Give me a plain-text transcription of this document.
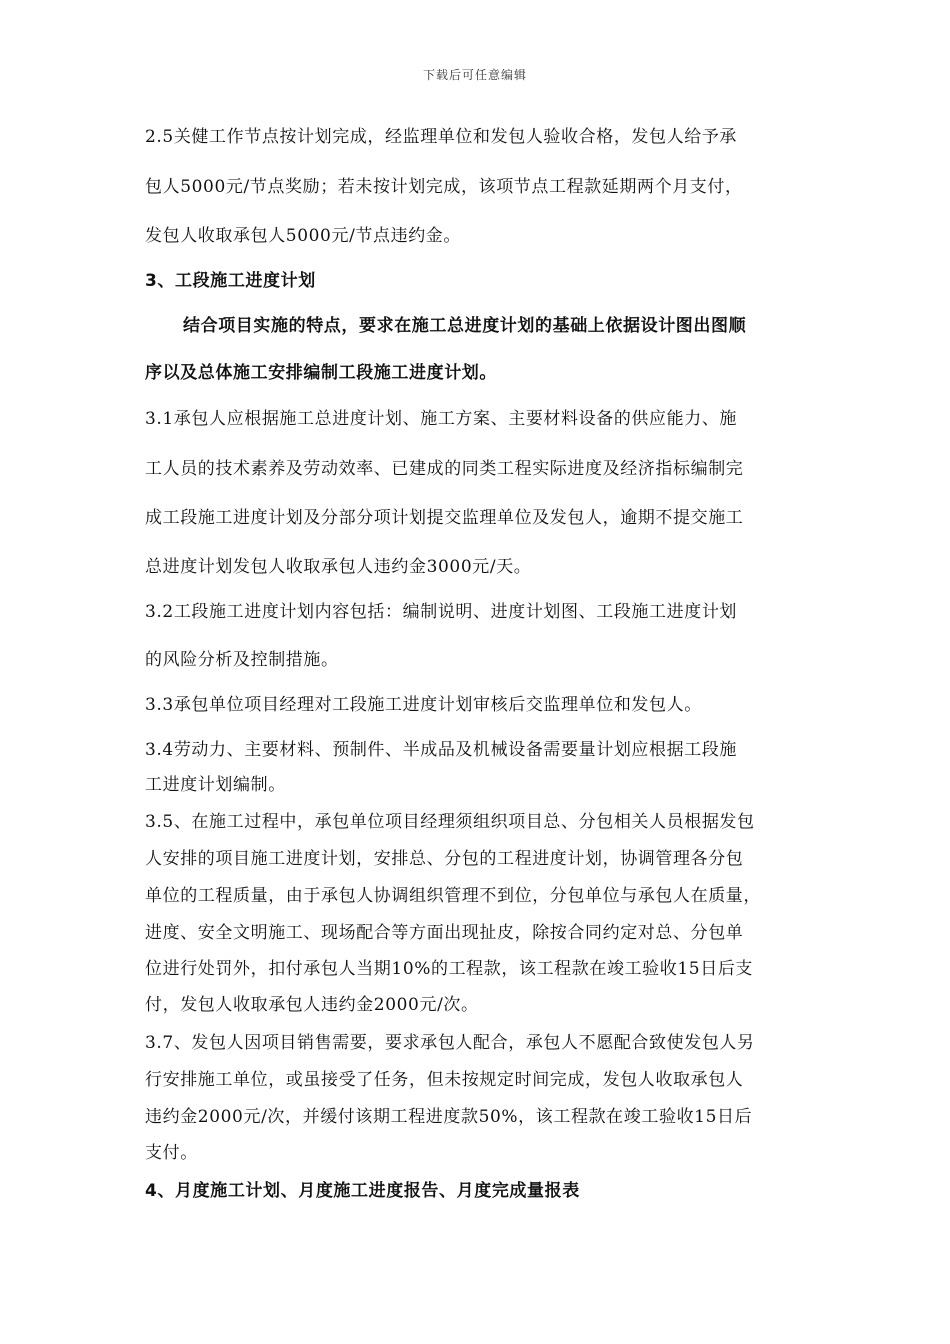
下载后可任意编辑
2.5关健工作节点按计划完成，经监理单位和发包人验收合格，发包人给予承
包人5000元/节点奖励；若未按计划完成，该项节点工程款延期两个月支付，
发包人收取承包人5000元/节点违约金。
3、工段施工进度计划
结合项目实施的特点，要求在施工总进度计划的基础上依据设计图出图顺
序以及总体施工安排编制工段施工进度计划。
3.1承包人应根据施工总进度计划、施工方案、主要材料设备的供应能力、施
工人员的技术素养及劳动效率、已建成的同类工程实际进度及经济指标编制完
成工段施工进度计划及分部分项计划提交监理单位及发包人，逾期不提交施工
总进度计划发包人收取承包人违约金3000元/天。
3.2工段施工进度计划内容包括：编制说明、进度计划图、工段施工进度计划
的风险分析及控制措施。
3.3承包单位项目经理对工段施工进度计划审核后交监理单位和发包人。
3.4劳动力、主要材料、预制件、半成品及机械设备需要量计划应根据工段施
工进度计划编制。
3.5、在施工过程中，承包单位项目经理须组织项目总、分包相关人员根据发包
人安排的项目施工进度计划，安排总、分包的工程进度计划，协调管理各分包
单位的工程质量，由于承包人协调组织管理不到位，分包单位与承包人在质量，
进度、安全文明施工、现场配合等方面出现扯皮，除按合同约定对总、分包单
位进行处罚外，扣付承包人当期10%的工程款，该工程款在竣工验收15日后支
付，发包人收取承包人违约金2000元/次。
3.7、发包人因项目销售需要，要求承包人配合，承包人不愿配合致使发包人另
行安排施工单位，或虽接受了任务，但未按规定时间完成，发包人收取承包人
违约金2000元/次，并缓付该期工程进度款50%，该工程款在竣工验收15日后
支付。
4、月度施工计划、月度施工进度报告、月度完成量报表
